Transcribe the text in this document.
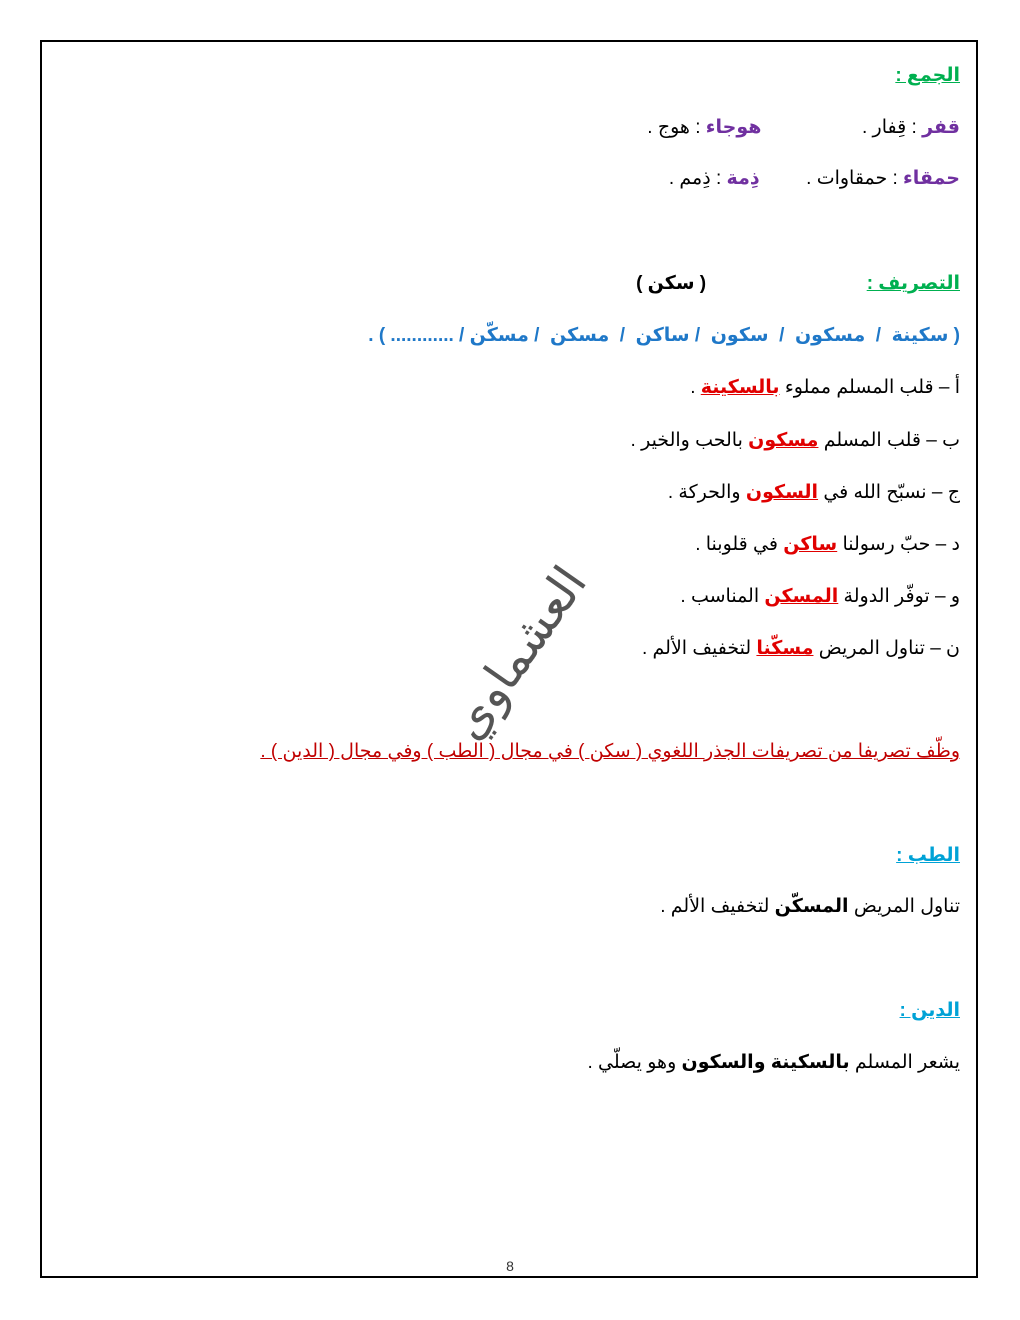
الجمع :
قفر : قِفار .  هوجاء : هوج .
حمقاء : حمقاوات .  ذِمة : ذِمم .
التصريف :  ( سكن )
( سكينة  /  مسكون  /  سكون  / ساكن  /  مسكن  / مسكّن / ............ ) .
أ – قلب المسلم مملوء بالسكينة .
ب – قلب المسلم مسكون بالحب والخير .
ج – نسبّح الله في السكون والحركة .
د – حبّ رسولنا ساكن في قلوبنا .
و – توفّر الدولة المسكن المناسب .
ن – تناول المريض مسكّنا لتخفيف الألم .
وظّف تصريفا من تصريفات الجذر اللغوي ( سكن ) في مجال ( الطب ) وفي مجال ( الدين ) .
الطب :
تناول المريض المسكّن لتخفيف الألم .
الدين :
يشعر المسلم بالسكينة والسكون وهو يصلّي .
العشماوي
8
